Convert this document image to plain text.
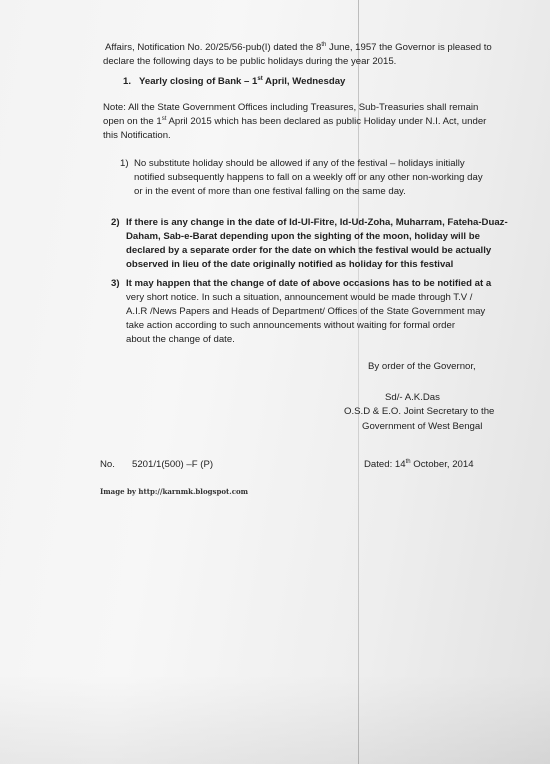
Affairs, Notification No. 20/25/56-pub(I) dated the 8th June, 1957 the Governor is pleased to
declare the following days to be public holidays during the year 2015.
1. Yearly closing of Bank – 1st April, Wednesday
Note: All the State Government Offices including Treasures, Sub-Treasuries shall remain
open on the 1st April 2015 which has been declared as public Holiday under N.I. Act, under
this Notification.
1) No substitute holiday should be allowed if any of the festival – holidays initially
notified subsequently happens to fall on a weekly off or any other non-working day
or in the event of more than one festival falling on the same day.
2) If there is any change in the date of Id-Ul-Fitre, Id-Ud-Zoha, Muharram, Fateha-Duaz-
Daham, Sab-e-Barat depending upon the sighting of the moon, holiday will be
declared by a separate order for the date on which the festival would be actually
observed in lieu of the date originally notified as holiday for this festival
3) It may happen that the change of date of above occasions has to be notified at a
very short notice. In such a situation, announcement would be made through T.V /
A.I.R /News Papers and Heads of Department/ Offices of the State Government may
take action according to such announcements without waiting for formal order
about the change of date.
By order of the Governor,
Sd/- A.K.Das
O.S.D & E.O. Joint Secretary to the
Government of West Bengal
No. 5201/1(500) –F (P)	Dated: 14th October, 2014
Image by http://karnmk.blogspot.com
